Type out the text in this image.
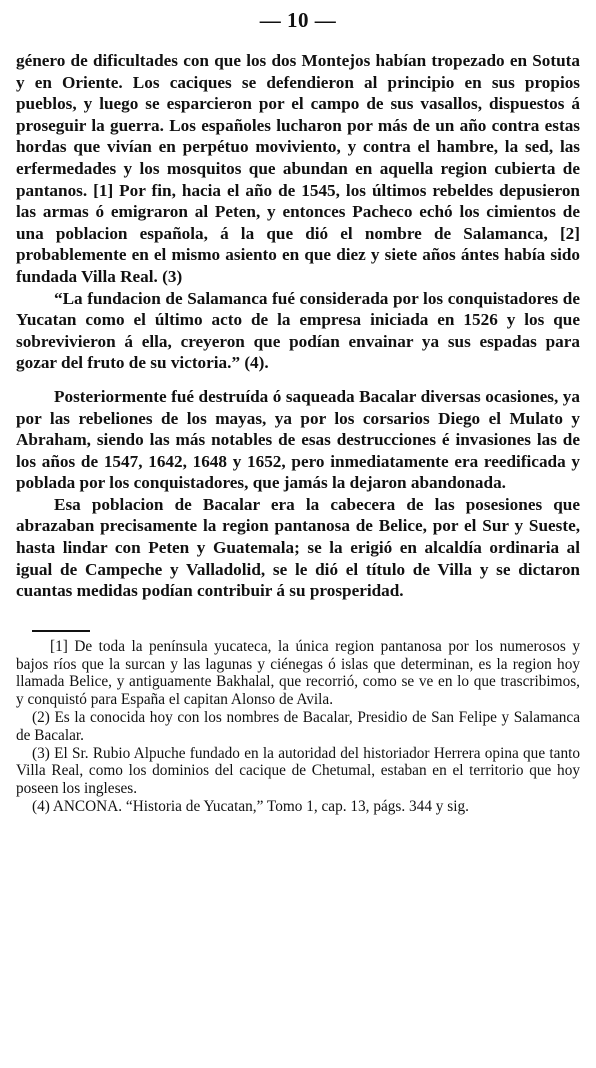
— 10 —

género de dificultades con que los dos Montejos habían tropezado en Sotuta y en Oriente. Los caciques se defendieron al principio en sus propios pueblos, y luego se esparcieron por el campo de sus vasallos, dispuestos á proseguir la guerra. Los españoles lucharon por más de un año contra estas hordas que vivían en perpétuo moviviento, y contra el hambre, la sed, las erfermedades y los mosquitos que abundan en aquella region cubierta de pantanos. [1] Por fin, hacia el año de 1545, los últimos rebeldes depusieron las armas ó emigraron al Peten, y entonces Pacheco echó los cimientos de una poblacion española, á la que dió el nombre de Salamanca, [2] probablemente en el mismo asiento en que diez y siete años ántes había sido fundada Villa Real. (3)

“La fundacion de Salamanca fué considerada por los conquistadores de Yucatan como el último acto de la empresa iniciada en 1526 y los que sobrevivieron á ella, creyeron que podían envainar ya sus espadas para gozar del fruto de su victoria.” (4).

Posteriormente fué destruída ó saqueada Bacalar diversas ocasiones, ya por las rebeliones de los mayas, ya por los corsarios Diego el Mulato y Abraham, siendo las más notables de esas destrucciones é invasiones las de los años de 1547, 1642, 1648 y 1652, pero inmediatamente era reedificada y poblada por los conquistadores, que jamás la dejaron abandonada.

Esa poblacion de Bacalar era la cabecera de las posesiones que abrazaban precisamente la region pantanosa de Belice, por el Sur y Sueste, hasta lindar con Peten y Guatemala; se la erigió en alcaldía ordinaria al igual de Campeche y Valladolid, se le dió el título de Villa y se dictaron cuantas medidas podían contribuir á su prosperidad.

[1] De toda la península yucateca, la única region pantanosa por los numerosos y bajos ríos que la surcan y las lagunas y ciénegas ó islas que determinan, es la region hoy llamada Belice, y antiguamente Bakhalal, que recorrió, como se ve en lo que trascribimos, y conquistó para España el capitan Alonso de Avila.

(2) Es la conocida hoy con los nombres de Bacalar, Presidio de San Felipe y Salamanca de Bacalar.

(3) El Sr. Rubio Alpuche fundado en la autoridad del historiador Herrera opina que tanto Villa Real, como los dominios del cacique de Chetumal, estaban en el territorio que hoy poseen los ingleses.

(4) ANCONA. “Historia de Yucatan,” Tomo 1, cap. 13, págs. 344 y sig.
